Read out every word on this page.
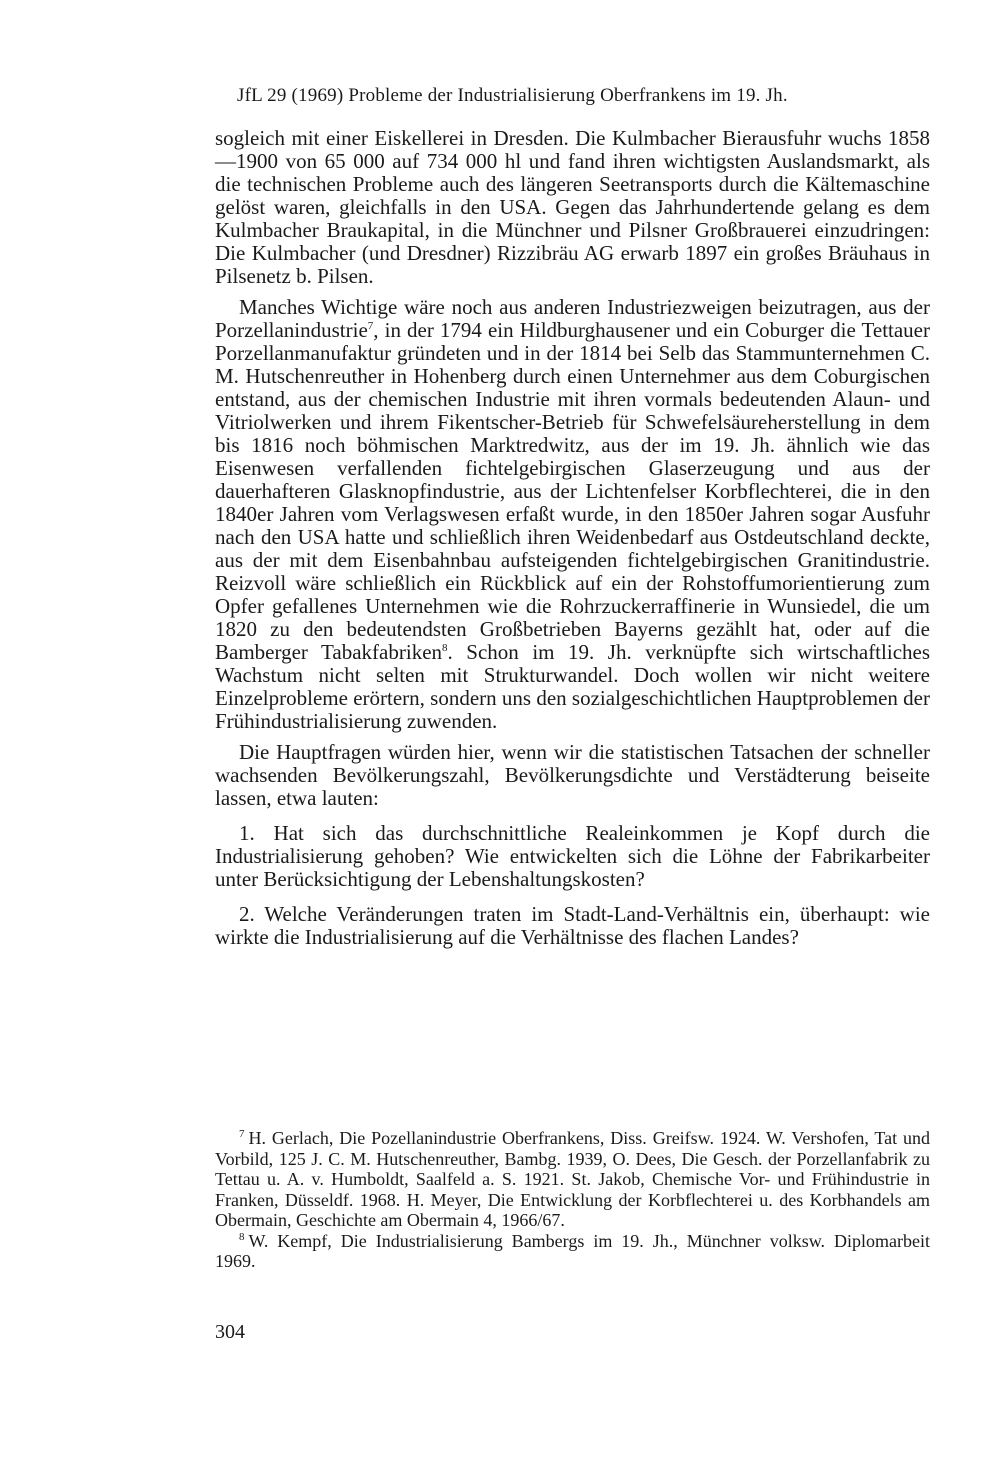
JfL 29 (1969) Probleme der Industrialisierung Oberfrankens im 19. Jh.

sogleich mit einer Eiskellerei in Dresden. Die Kulmbacher Bierausfuhr wuchs 1858—1900 von 65 000 auf 734 000 hl und fand ihren wichtigsten Auslandsmarkt, als die technischen Probleme auch des längeren Seetransports durch die Kältemaschine gelöst waren, gleichfalls in den USA. Gegen das Jahrhundertende gelang es dem Kulmbacher Braukapital, in die Münchner und Pilsner Großbrauerei einzudringen: Die Kulmbacher (und Dresdner) Rizzibräu AG erwarb 1897 ein großes Bräuhaus in Pilsenetz b. Pilsen.

Manches Wichtige wäre noch aus anderen Industriezweigen beizutragen, aus der Porzellanindustrie$^7$, in der 1794 ein Hildburghausener und ein Coburger die Tettauer Porzellanmanufaktur gründeten und in der 1814 bei Selb das Stammunternehmen C. M. Hutschenreuther in Hohenberg durch einen Unternehmer aus dem Coburgischen entstand, aus der chemischen Industrie mit ihren vormals bedeutenden Alaun- und Vitriolwerken und ihrem Fikentscher-Betrieb für Schwefelsäureherstellung in dem bis 1816 noch böhmischen Marktredwitz, aus der im 19. Jh. ähnlich wie das Eisenwesen verfallenden fichtelgebirgischen Glaserzeugung und aus der dauerhafteren Glasknopfindustrie, aus der Lichtenfelser Korbflechterei, die in den 1840er Jahren vom Verlagswesen erfaßt wurde, in den 1850er Jahren sogar Ausfuhr nach den USA hatte und schließlich ihren Weidenbedarf aus Ostdeutschland deckte, aus der mit dem Eisenbahnbau aufsteigenden fichtelgebirgischen Granitindustrie. Reizvoll wäre schließlich ein Rückblick auf ein der Rohstoffumorientierung zum Opfer gefallenes Unternehmen wie die Rohrzuckerraffinerie in Wunsiedel, die um 1820 zu den bedeutendsten Großbetrieben Bayerns gezählt hat, oder auf die Bamberger Tabakfabriken$^8$. Schon im 19. Jh. verknüpfte sich wirtschaftliches Wachstum nicht selten mit Strukturwandel. Doch wollen wir nicht weitere Einzelprobleme erörtern, sondern uns den sozialgeschichtlichen Hauptproblemen der Frühindustrialisierung zuwenden.

Die Hauptfragen würden hier, wenn wir die statistischen Tatsachen der schneller wachsenden Bevölkerungszahl, Bevölkerungsdichte und Verstädterung beiseite lassen, etwa lauten:

1. Hat sich das durchschnittliche Realeinkommen je Kopf durch die Industrialisierung gehoben? Wie entwickelten sich die Löhne der Fabrikarbeiter unter Berücksichtigung der Lebenshaltungskosten?

2. Welche Veränderungen traten im Stadt-Land-Verhältnis ein, überhaupt: wie wirkte die Industrialisierung auf die Verhältnisse des flachen Landes?

$^7$ H. Gerlach, Die Pozellanindustrie Oberfrankens, Diss. Greifsw. 1924. W. Vershofen, Tat und Vorbild, 125 J. C. M. Hutschenreuther, Bambg. 1939, O. Dees, Die Gesch. der Porzellanfabrik zu Tettau u. A. v. Humboldt, Saalfeld a. S. 1921. St. Jakob, Chemische Vor- und Frühindustrie in Franken, Düsseldf. 1968. H. Meyer, Die Entwicklung der Korbflechterei u. des Korbhandels am Obermain, Geschichte am Obermain 4, 1966/67.

$^8$ W. Kempf, Die Industrialisierung Bambergs im 19. Jh., Münchner volksw. Diplomarbeit 1969.

304
